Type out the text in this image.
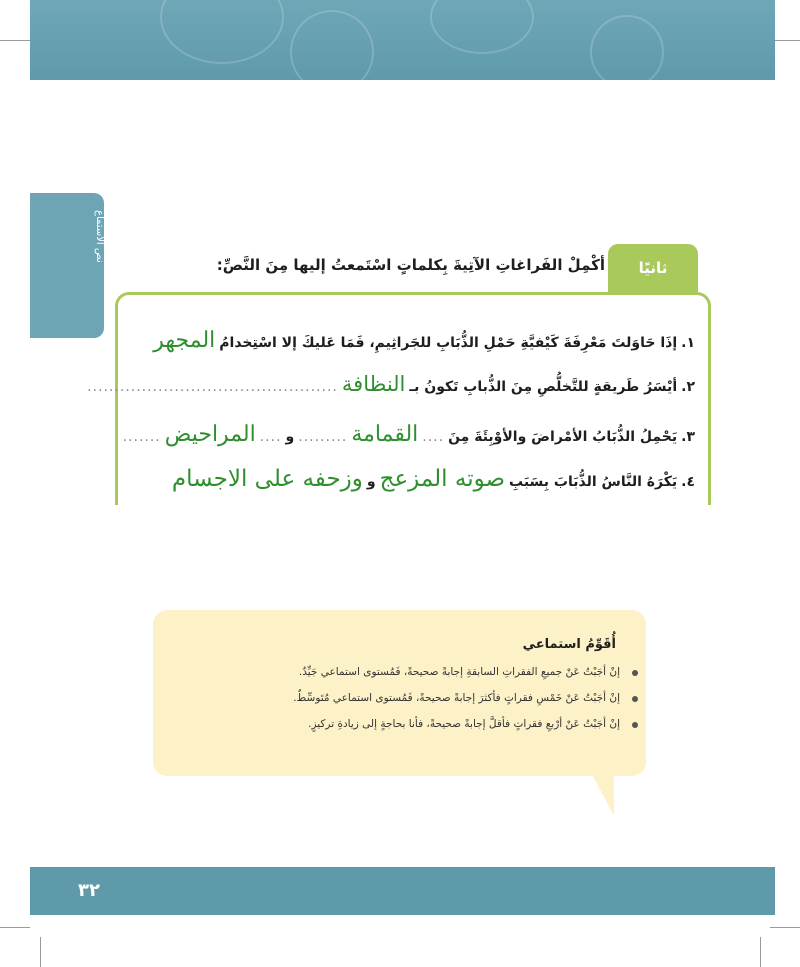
نص الاستماع
ثانيًا
أكْمِلْ الفَراغاتِ الآتِيةَ بِكلماتٍ اسْتَمعتُ إليها مِنَ النَّصِّ:
١.
إذَا حَاوَلتَ مَعْرِفَةَ كَيْفيَّةِ حَمْلِ الذُّبَابِ للجَراثِيمِ، فَمَا عَليكَ إلا اسْتِخدامُ
المجهر
٢.
أيْسَرُ طَريقةٍ للتَّخلُّصِ مِنَ الذُّبابِ تَكونُ بـ
النظافة
..............................................
٣.
يَحْمِلُ الذُّبَابُ الأمْراضَ والأوْبِئَةَ مِنَ
....
القمامة
.........
و
....
المراحيض
.......
٤.
يَكْرَهُ النَّاسُ الذُّبَابَ بِسَبَبِ
صوته المزعج
و
وزحفه على الاجسام
أُقَوِّمُ استماعي
إنْ أجَبْتُ عَنْ جميعِ الفقراتِ السابقةِ إجابةً صحيحةً، فَمُستوى استماعي جَيِّدٌ.
إنْ أجَبْتُ عَنْ خَمْسِ فقراتٍ فأكثرَ إجابةً صحيحةً، فَمُستوى استماعي مُتَوسِّطٌ.
إنْ أجَبْتُ عَنْ أرْبعِ فقراتٍ فأقلَّ إجابةً صحيحةً، فأنا بحاجةٍ إلى زيادةِ تركيزٍ.
٣٢
